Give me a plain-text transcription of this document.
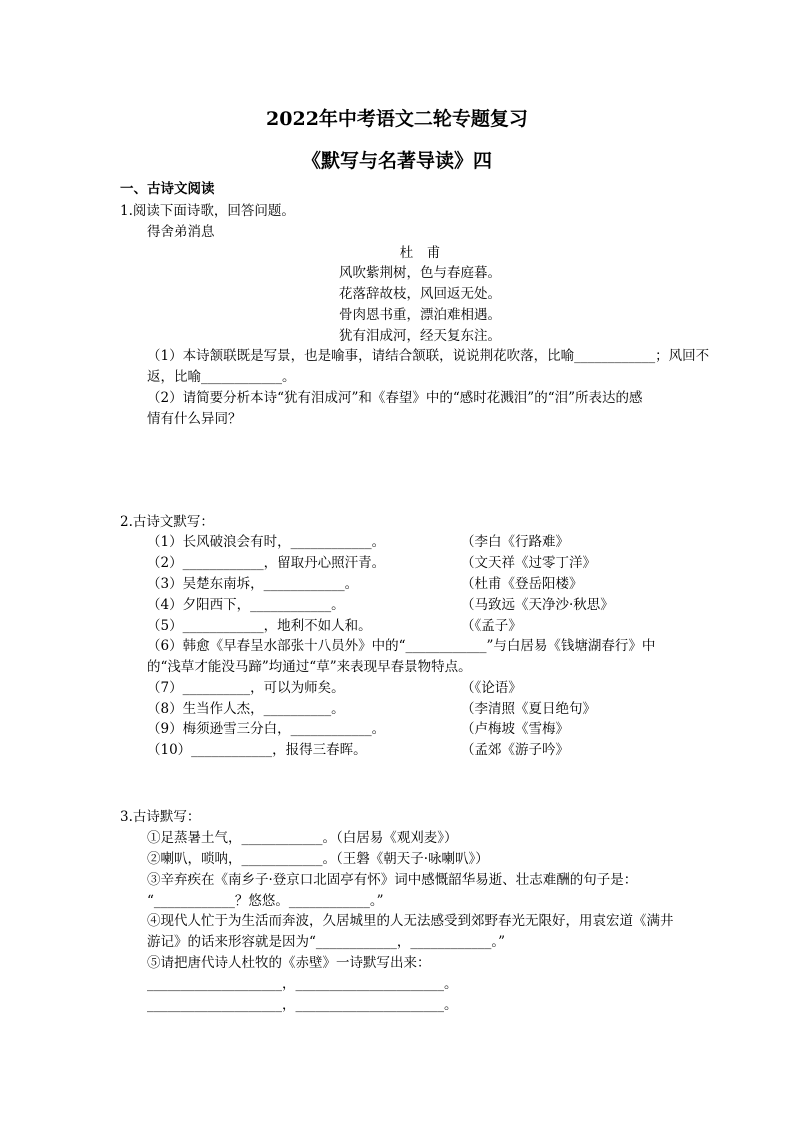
2022年中考语文二轮专题复习
《默写与名著导读》四
一、古诗文阅读
1.阅读下面诗歌，回答问题。
得舍弟消息
杜　甫
风吹紫荆树，色与春庭暮。
花落辞故枝，风回返无处。
骨肉恩书重，漂泊难相遇。
犹有泪成河，经天复东注。
（1）本诗颔联既是写景，也是喻事，请结合颔联，说说荆花吹落，比喻____________；风回不
返，比喻____________。
（2）请简要分析本诗“犹有泪成河”和《春望》中的“感时花溅泪”的“泪”所表达的感
情有什么异同？
2.古诗文默写：
（1）长风破浪会有时，____________。	（李白《行路难》
（2）____________，留取丹心照汗青。	（文天祥《过零丁洋》
（3）吴楚东南坼，____________。	（杜甫《登岳阳楼》
（4）夕阳西下，____________。	（马致远《天净沙·秋思》
（5）____________，地利不如人和。	（《孟子》
（6）韩愈《早春呈水部张十八员外》中的“____________”与白居易《钱塘湖春行》中
的“浅草才能没马蹄”均通过“草”来表现早春景物特点。
（7）__________，可以为师矣。	（《论语》
（8）生当作人杰，__________。	（李清照《夏日绝句》
（9）梅须逊雪三分白，____________。	（卢梅坡《雪梅》
（10）____________，报得三春晖。	（孟郊《游子吟》
3.古诗默写：
①足蒸暑土气，____________。（白居易《观刈麦》）
②喇叭，唢呐，____________。（王磐《朝天子·咏喇叭》）
③辛弃疾在《南乡子·登京口北固亭有怀》词中感慨韶华易逝、壮志难酬的句子是：
“____________？悠悠。____________。”
④现代人忙于为生活而奔波，久居城里的人无法感受到郊野春光无限好，用袁宏道《满井
游记》的话来形容就是因为“____________，____________。”
⑤请把唐代诗人杜牧的《赤壁》一诗默写出来：
____________________，______________________。
____________________，______________________。
